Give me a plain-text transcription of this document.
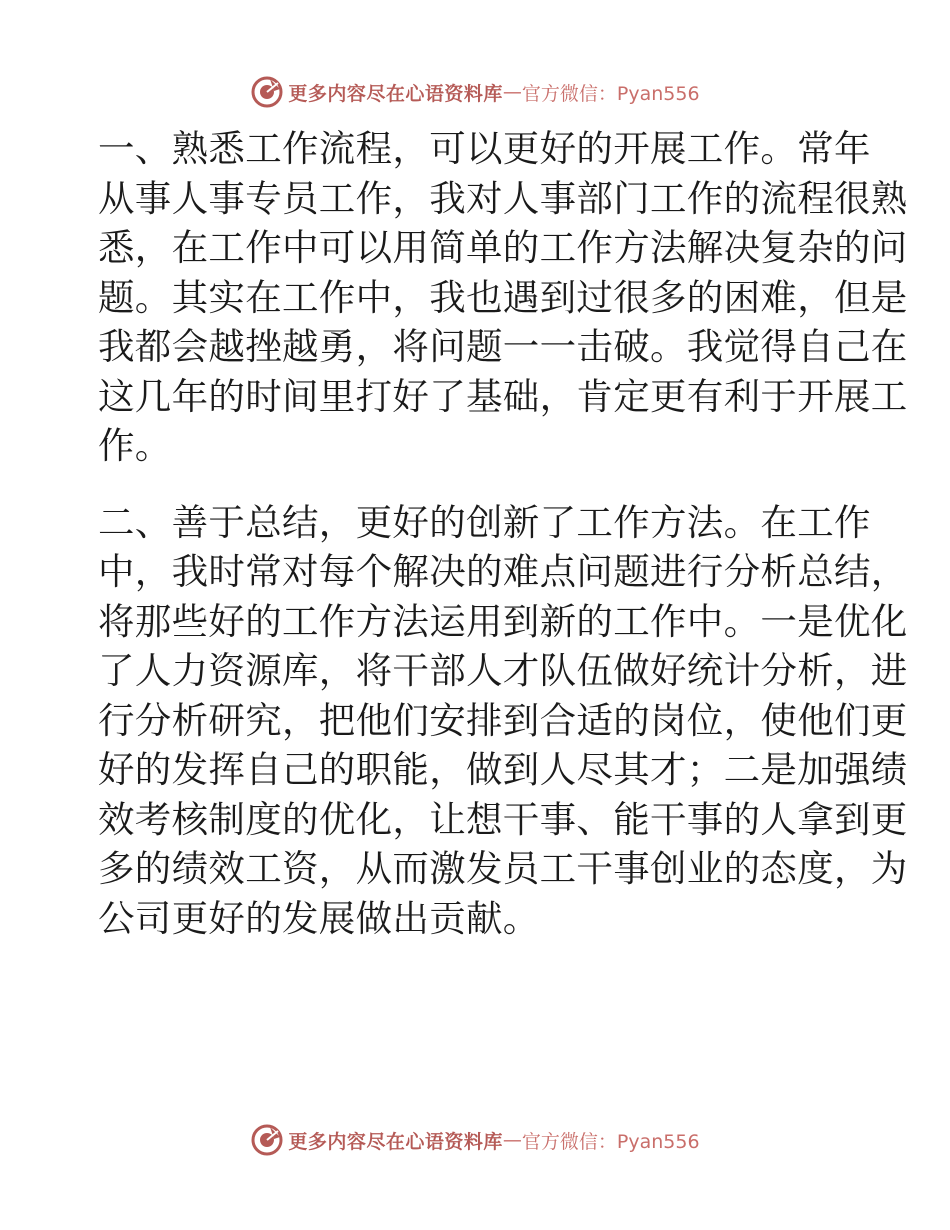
更多内容尽在心语资料库 — 官方微信：Pyan556

一、熟悉工作流程，可以更好的开展工作。常年
从事人事专员工作，我对人事部门工作的流程很熟
悉，在工作中可以用简单的工作方法解决复杂的问
题。其实在工作中，我也遇到过很多的困难，但是
我都会越挫越勇，将问题一一击破。我觉得自己在
这几年的时间里打好了基础，肯定更有利于开展工
作。

二、善于总结，更好的创新了工作方法。在工作
中，我时常对每个解决的难点问题进行分析总结，
将那些好的工作方法运用到新的工作中。一是优化
了人力资源库，将干部人才队伍做好统计分析，进
行分析研究，把他们安排到合适的岗位，使他们更
好的发挥自己的职能，做到人尽其才；二是加强绩
效考核制度的优化，让想干事、能干事的人拿到更
多的绩效工资，从而激发员工干事创业的态度，为
公司更好的发展做出贡献。

更多内容尽在心语资料库 — 官方微信：Pyan556
